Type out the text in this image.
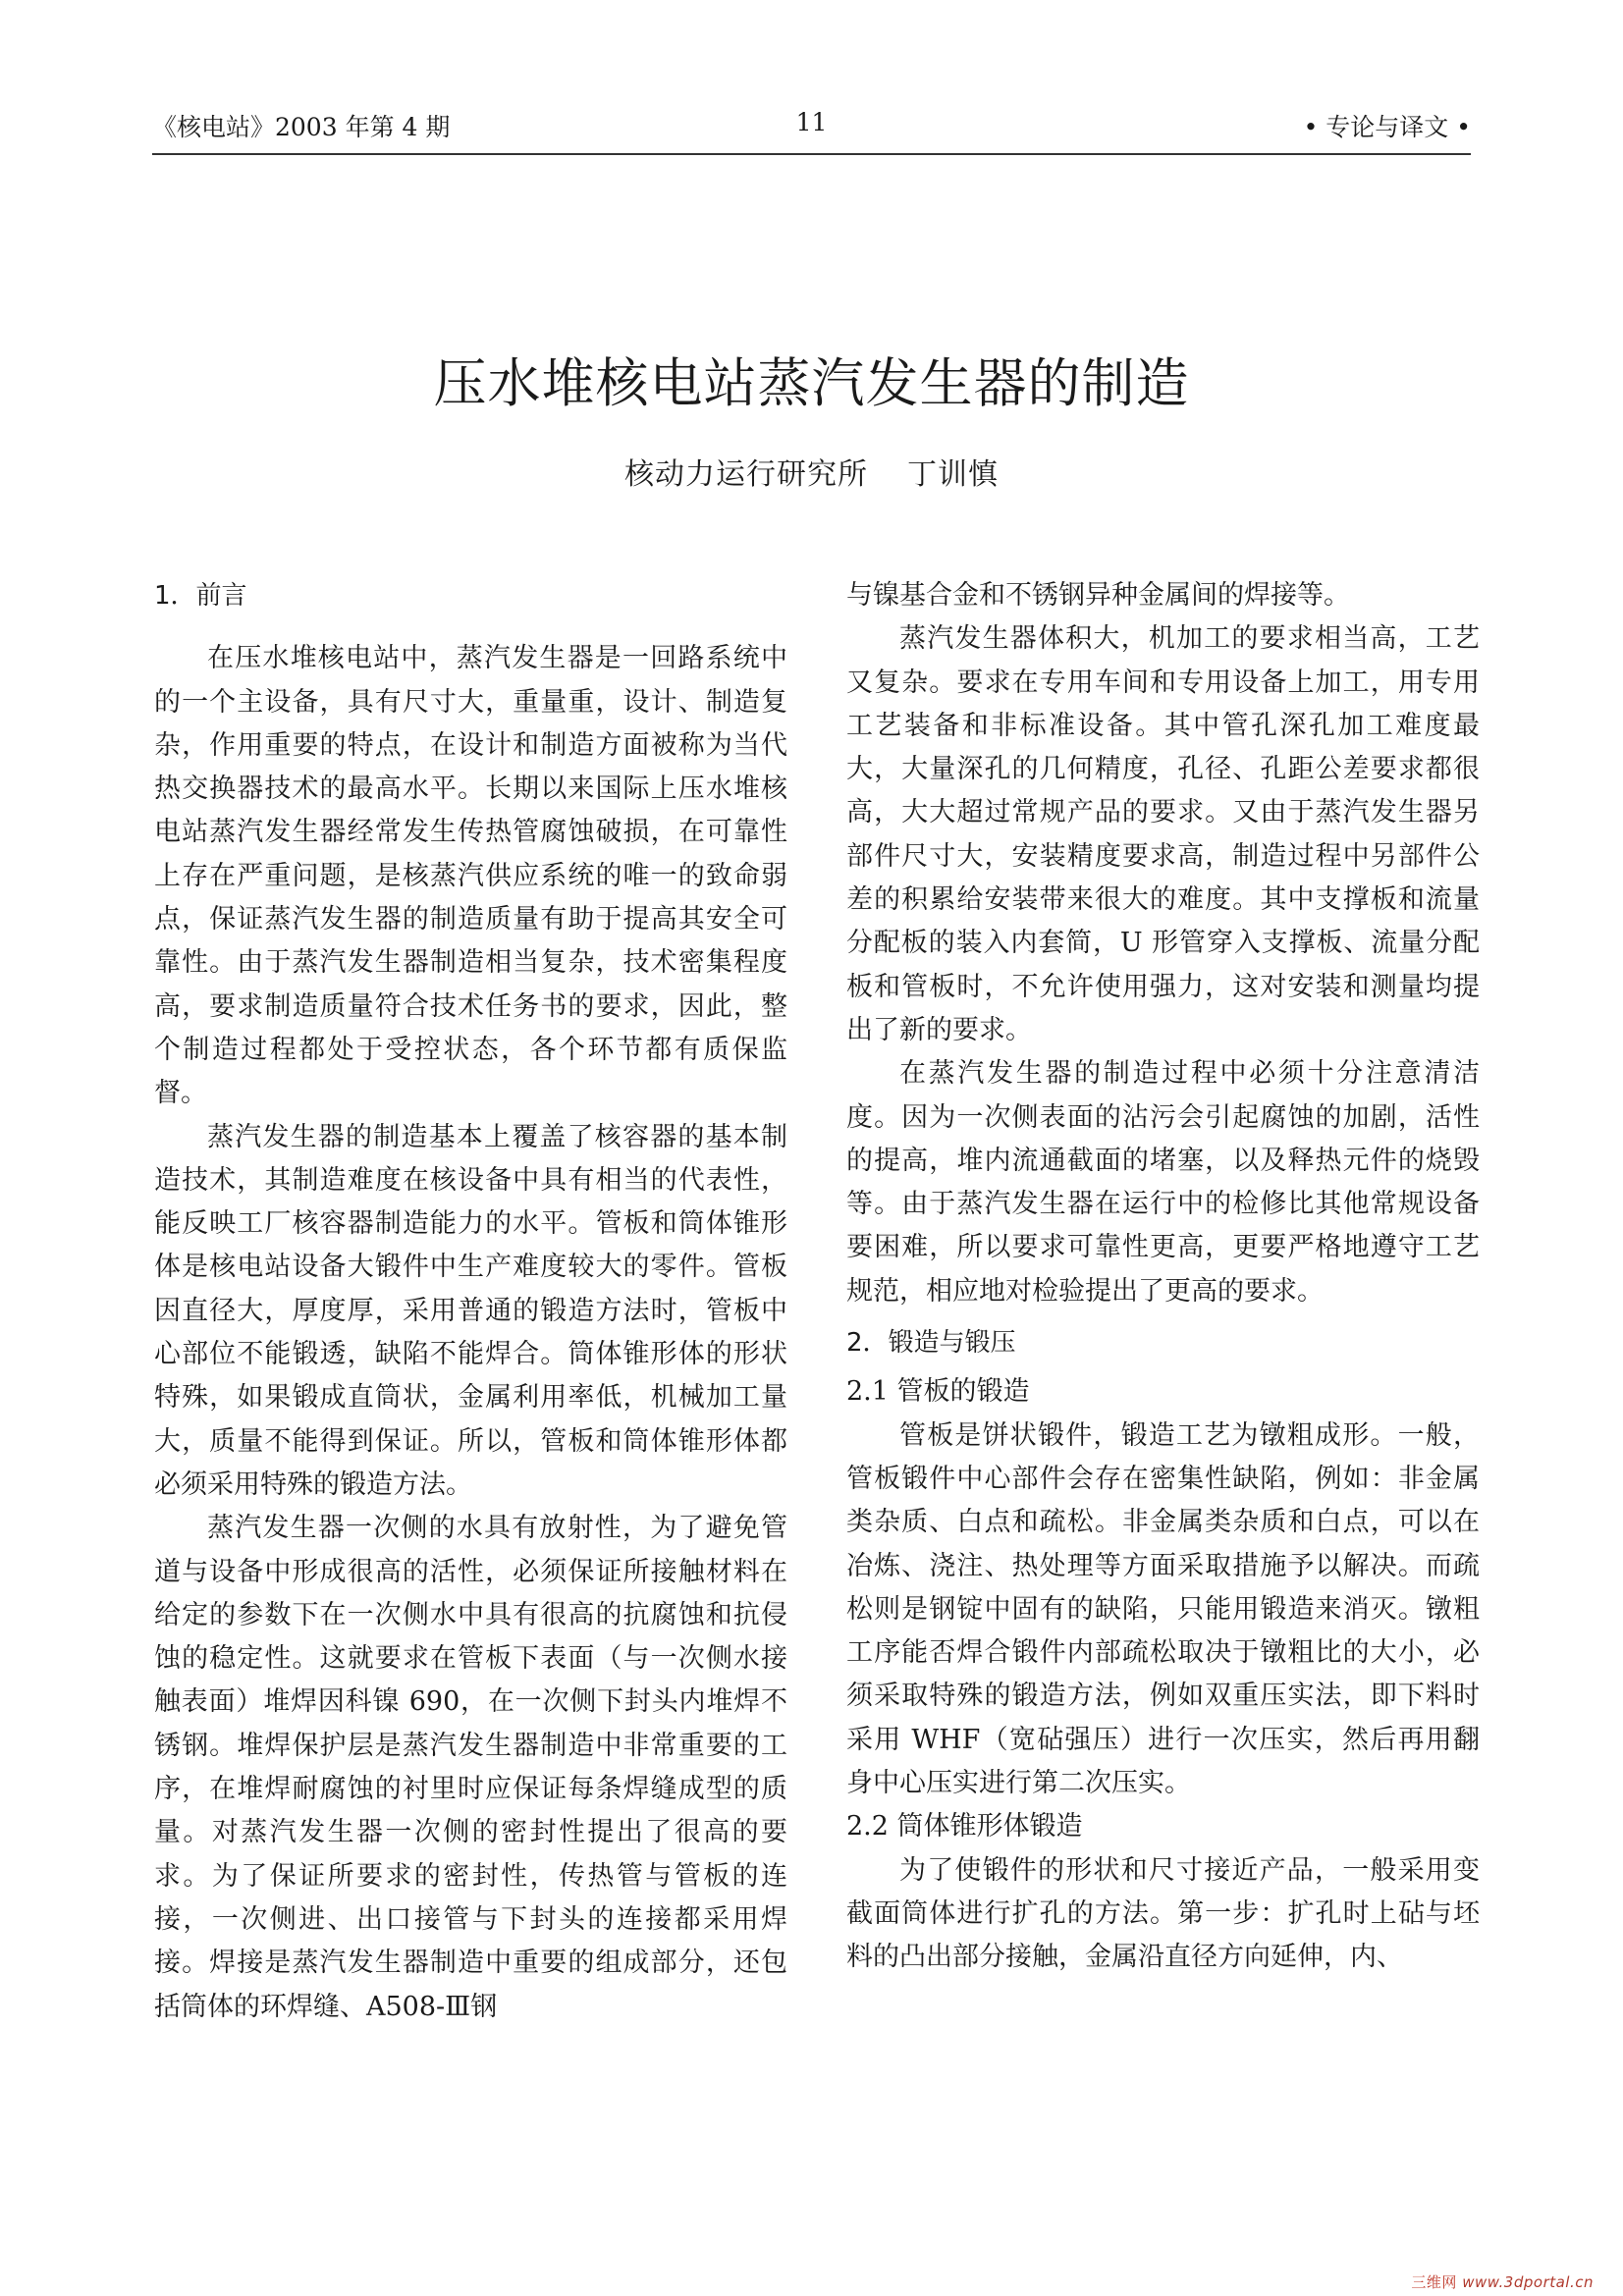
《核电站》2003 年第 4 期	11	• 专论与译文 •
压水堆核电站蒸汽发生器的制造
核动力运行研究所 丁训慎
1．前言

在压水堆核电站中，蒸汽发生器是一回路系统中的一个主设备，具有尺寸大，重量重，设计、制造复杂，作用重要的特点，在设计和制造方面被称为当代热交换器技术的最高水平。长期以来国际上压水堆核电站蒸汽发生器经常发生传热管腐蚀破损，在可靠性上存在严重问题，是核蒸汽供应系统的唯一的致命弱点，保证蒸汽发生器的制造质量有助于提高其安全可靠性。由于蒸汽发生器制造相当复杂，技术密集程度高，要求制造质量符合技术任务书的要求，因此，整个制造过程都处于受控状态，各个环节都有质保监督。

蒸汽发生器的制造基本上覆盖了核容器的基本制造技术，其制造难度在核设备中具有相当的代表性，能反映工厂核容器制造能力的水平。管板和筒体锥形体是核电站设备大锻件中生产难度较大的零件。管板因直径大，厚度厚，采用普通的锻造方法时，管板中心部位不能锻透，缺陷不能焊合。筒体锥形体的形状特殊，如果锻成直筒状，金属利用率低，机械加工量大，质量不能得到保证。所以，管板和筒体锥形体都必须采用特殊的锻造方法。

蒸汽发生器一次侧的水具有放射性，为了避免管道与设备中形成很高的活性，必须保证所接触材料在给定的参数下在一次侧水中具有很高的抗腐蚀和抗侵蚀的稳定性。这就要求在管板下表面（与一次侧水接触表面）堆焊因科镍 690，在一次侧下封头内堆焊不锈钢。堆焊保护层是蒸汽发生器制造中非常重要的工序，在堆焊耐腐蚀的衬里时应保证每条焊缝成型的质量。对蒸汽发生器一次侧的密封性提出了很高的要求。为了保证所要求的密封性，传热管与管板的连接，一次侧进、出口接管与下封头的连接都采用焊接。焊接是蒸汽发生器制造中重要的组成部分，还包括筒体的环焊缝、A508-Ⅲ钢

与镍基合金和不锈钢异种金属间的焊接等。

蒸汽发生器体积大，机加工的要求相当高，工艺又复杂。要求在专用车间和专用设备上加工，用专用工艺装备和非标准设备。其中管孔深孔加工难度最大，大量深孔的几何精度，孔径、孔距公差要求都很高，大大超过常规产品的要求。又由于蒸汽发生器另部件尺寸大，安装精度要求高，制造过程中另部件公差的积累给安装带来很大的难度。其中支撑板和流量分配板的装入内套简，U 形管穿入支撑板、流量分配板和管板时，不允许使用强力，这对安装和测量均提出了新的要求。

在蒸汽发生器的制造过程中必须十分注意清洁度。因为一次侧表面的沾污会引起腐蚀的加剧，活性的提高，堆内流通截面的堵塞，以及释热元件的烧毁等。由于蒸汽发生器在运行中的检修比其他常规设备要困难，所以要求可靠性更高，更要严格地遵守工艺规范，相应地对检验提出了更高的要求。

2．锻造与锻压
2.1 管板的锻造

管板是饼状锻件，锻造工艺为镦粗成形。一般，管板锻件中心部件会存在密集性缺陷，例如：非金属类杂质、白点和疏松。非金属类杂质和白点，可以在冶炼、浇注、热处理等方面采取措施予以解决。而疏松则是钢锭中固有的缺陷，只能用锻造来消灭。镦粗工序能否焊合锻件内部疏松取决于镦粗比的大小，必须采取特殊的锻造方法，例如双重压实法，即下料时采用 WHF（宽砧强压）进行一次压实，然后再用翻身中心压实进行第二次压实。

2.2 筒体锥形体锻造

为了使锻件的形状和尺寸接近产品，一般采用变截面筒体进行扩孔的方法。第一步：扩孔时上砧与坯料的凸出部分接触，金属沿直径方向延伸，内、

三维网 www.3dportal.cn
